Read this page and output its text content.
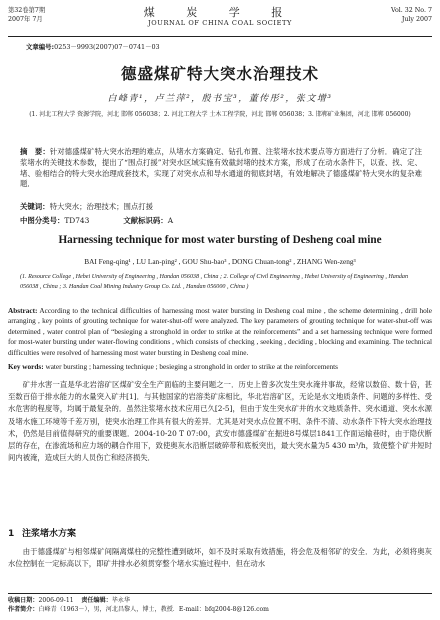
第32卷第7期
2007年 7月
煤 炭 学 报
JOURNAL OF CHINA COAL SOCIETY
Vol. 32 No. 7
July 2007
文章编号:0253－9993(2007)07－0741－03
德盛煤矿特大突水治理技术
白峰青¹，卢兰萍²，殷书宝³，董传彤²，张文增³
(1. 河北工程大学 资源学院，河北 邯郸 056038；2. 河北工程大学 土木工程学院，河北 邯郸 056038；3. 邯郸矿业集团，河北 邯郸 056000)
摘　要：针对德盛煤矿特大突水治理的难点，从堵水方案确定、钻孔布置、注浆堵水技术要点等方面进行了分析．确定了注浆堵水的关键技术参数，提出了“围点打援”对突水区域实施有效截封堵的技术方案，形成了在动水条件下，以查、找、定、堵、验相结合的特大突水治理成套技术，实现了对突水点和导水通道的彻底封堵，有效地解决了德盛煤矿特大突水的复杂难题．
关键词：特大突水；治理技术；围点打援
中图分类号：TD743	文献标识码：A
Harnessing technique for most water bursting of Desheng coal mine
BAI Feng-qing¹ , LU Lan-ping² , GOU Shu-bao³ , DONG Chuan-tong² , ZHANG Wen-zeng³
(1. Resource College , Hebei University of Engineering , Handan 056038 , China ; 2. College of Civil Engineering , Hebei University of Engineering , Handan 056038 , China ; 3. Handan Coal Mining Industry Group Co. Ltd. , Handan 056000 , China )
Abstract: According to the technical difficulties of harnessing most water bursting in Desheng coal mine , the scheme determining , drill hole arranging , key points of grouting technique for water-shut-off were analyzed. The key parameters of grouting technique for water-shut-off was determined , water control plan of “besieging a stronghold in order to strike at the reinforcements” and a set harnessing technique were formed for most-water bursting under water-flowing conditions , which consists of checking , seeking , deciding , blocking and examining. The technical difficulties were resolved of harnessing most water bursting in Desheng coal mine.
Key words: water bursting ; harnessing technique ; besieging a stronghold in order to strike at the reinforcements
矿井水害一直是华北岩溶矿区煤矿安全生产面临的主要问题之一．历史上曾多次发生突水淹井事故，经常以数倍、数十倍，甚至数百倍于排水能力的水量突入矿井[1]．与其他国家的岩溶类矿床相比，华北岩溶矿区，无论是水文地质条件、问题的多样性、受水危害的程度等，均属于最复杂的．虽然注浆堵水技术应用已久[2-5]，但由于发生突水矿井的水文地质条件、突水通道、突水水源及堵水施工环境等千差万别，使突水治理工作具有很大的差异．尤其是对突水点位置不明、条件不清、动水条件下特大突水治理技术，仍然是目前值得研究的重要课题．2004-10-20 T 07:00，武安市德盛煤矿在掘进8号煤层1841工作面运输巷时，由于隐伏断层的存在，在渗流场和应力场的耦合作用下，致使奥灰水沿断层破碎带和底板突出，最大突水量为5 430 m³/h，致使整个矿井短时间内被淹，造成巨大的人员伤亡和经济损失．
1 注浆堵水方案
由于德盛煤矿与相邻煤矿间隔离煤柱的完整性遭到破坏，如不及时采取有效措施，将会危及相邻矿的安全．为此，必须将奥灰水位控制在一定标高以下，即矿井排水必须贯穿整个堵水实施过程中．但在动水
收稿日期：2006-09-11 责任编辑：毕永华
作者简介：白峰青（1963－），男，河北昌黎人，博士，教授．E-mail：bfq2004-8@126.com
